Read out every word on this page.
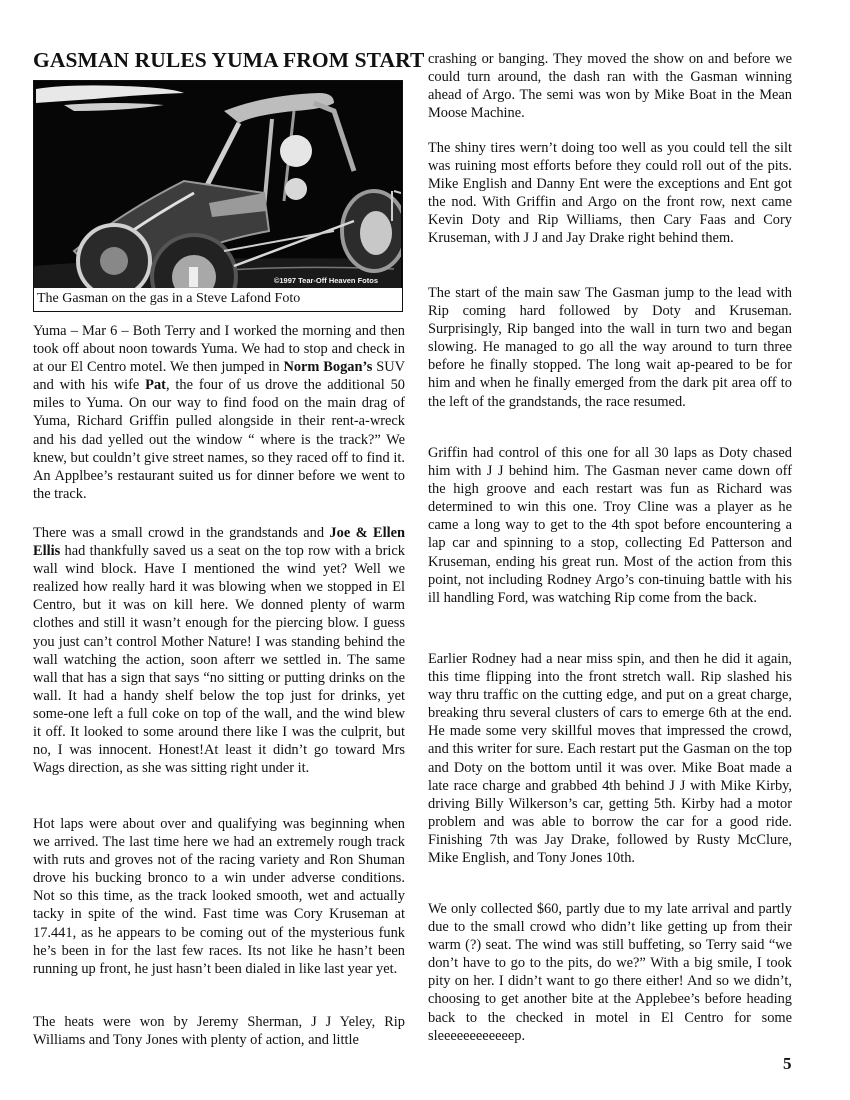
GASMAN RULES YUMA FROM START
©1997 Tear-Off Heaven Fotos
The Gasman on the gas in a Steve Lafond Foto

Yuma – Mar 6 – Both Terry and I worked the morning and then took off about noon towards Yuma. We had to stop and check in at our El Centro motel. We then jumped in Norm Bogan’s SUV and with his wife Pat, the four of us drove the additional 50 miles to Yuma. On our way to find food on the main drag of Yuma, Richard Griffin pulled alongside in their rent-a-wreck and his dad yelled out the window “ where is the track?” We knew, but couldn’t give street names, so they raced off to find it. An Applbee’s restaurant suited us for dinner before we went to the track.

There was a small crowd in the grandstands and Joe & Ellen Ellis had thankfully saved us a seat on the top row with a brick wall wind block. Have I mentioned the wind yet? Well we realized how really hard it was blowing when we stopped in El Centro, but it was on kill here. We donned plenty of warm clothes and still it wasn’t enough for the piercing blow. I guess you just can’t control Mother Nature! I was standing behind the wall watching the action, soon afterr we settled in. The same wall that has a sign that says “no sitting or putting drinks on the wall. It had a handy shelf below the top just for drinks, yet some-one left a full coke on top of the wall, and the wind blew it off. It looked to some around there like I was the culprit, but no, I was innocent. Honest!At least it didn’t go toward Mrs Wags direction, as she was sitting right under it.

Hot laps were about over and qualifying was beginning when we arrived. The last time here we had an extremely rough track with ruts and groves not of the racing variety and Ron Shuman drove his bucking bronco to a win under adverse conditions. Not so this time, as the track looked smooth, wet and actually tacky in spite of the wind. Fast time was Cory Kruseman at 17.441, as he appears to be coming out of the mysterious funk he’s been in for the last few races. Its not like he hasn’t been running up front, he just hasn’t been dialed in like last year yet.

The heats were won by Jeremy Sherman, J J Yeley, Rip Williams and Tony Jones with plenty of action, and little

crashing or banging. They moved the show on and before we could turn around, the dash ran with the Gasman winning ahead of Argo. The semi was won by Mike Boat in the Mean Moose Machine.

The shiny tires wern’t doing too well as you could tell the silt was ruining most efforts before they could roll out of the pits. Mike English and Danny Ent were the exceptions and Ent got the nod. With Griffin and Argo on the front row, next came Kevin Doty and Rip Williams, then Cary Faas and Cory Kruseman, with J J and Jay Drake right behind them.

The start of the main saw The Gasman jump to the lead with Rip coming hard followed by Doty and Kruseman. Surprisingly, Rip banged into the wall in turn two and began slowing. He managed to go all the way around to turn three before he finally stopped. The long wait ap-peared to be for him and when he finally emerged from the dark pit area off to the left of the grandstands, the race resumed.

Griffin had control of this one for all 30 laps as Doty chased him with J J behind him. The Gasman never came down off the high groove and each restart was fun as Richard was determined to win this one. Troy Cline was a player as he came a long way to get to the 4th spot before encountering a lap car and spinning to a stop, collecting Ed Patterson and Kruseman, ending his great run. Most of the action from this point, not including Rodney Argo’s con-tinuing battle with his ill handling Ford, was watching Rip come from the back.

Earlier Rodney had a near miss spin, and then he did it again, this time flipping into the front stretch wall. Rip slashed his way thru traffic on the cutting edge, and put on a great charge, breaking thru several clusters of cars to emerge 6th at the end. He made some very skillful moves that impressed the crowd, and this writer for sure. Each restart put the Gasman on the top and Doty on the bottom until it was over. Mike Boat made a late race charge and grabbed 4th behind J J with Mike Kirby, driving Billy Wilkerson’s car, getting 5th. Kirby had a motor problem and was able to borrow the car for a good ride. Finishing 7th was Jay Drake, followed by Rusty McClure, Mike English, and Tony Jones 10th.

We only collected $60, partly due to my late arrival and partly due to the small crowd who didn’t like getting up from their warm (?) seat. The wind was still buffeting, so Terry said “we don’t have to go to the pits, do we?” With a big smile, I took pity on her. I didn’t want to go there either! And so we didn’t, choosing to get another bite at the Applebee’s before heading back to the checked in motel in El Centro for some sleeeeeeeeeeeep.

5
